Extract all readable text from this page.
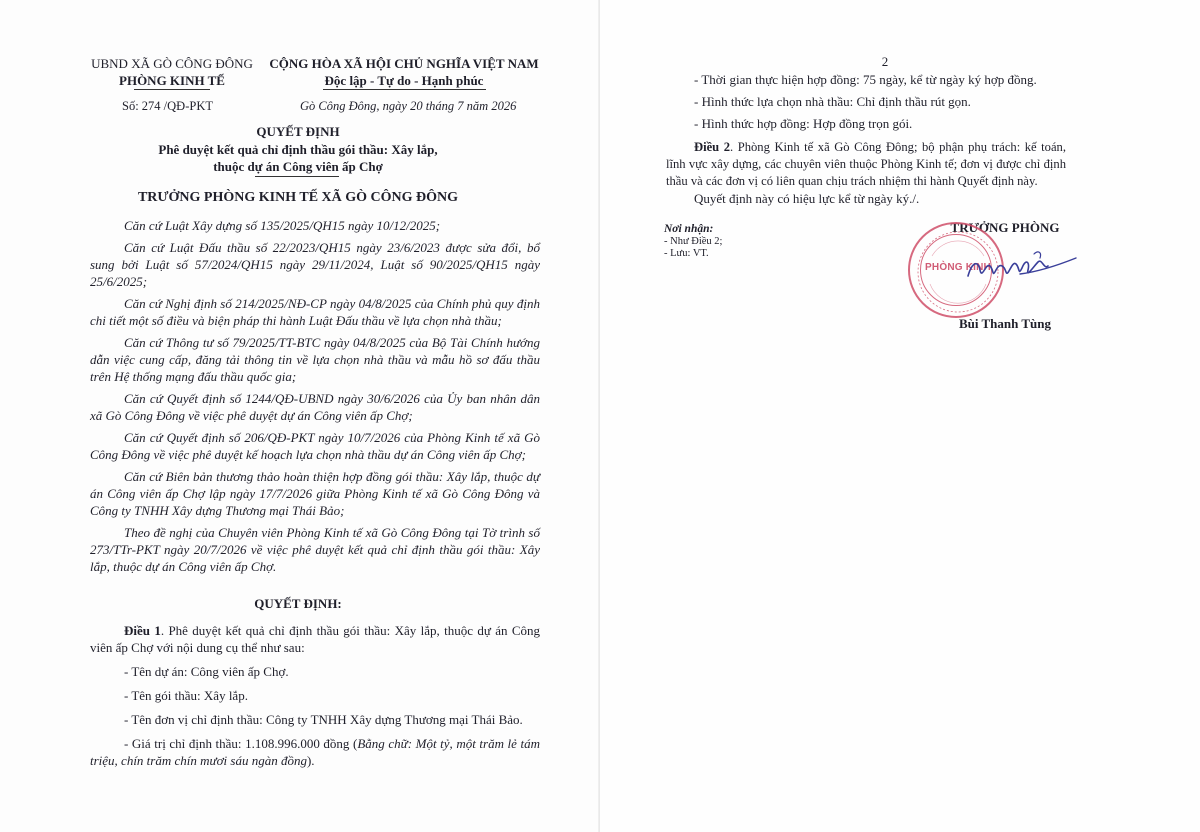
UBND XÃ GÒ CÔNG ĐÔNG
PHÒNG KINH TẾ
CỘNG HÒA XÃ HỘI CHỦ NGHĨA VIỆT NAM
Độc lập - Tự do - Hạnh phúc
Số: 274 /QĐ-PKT	Gò Công Đông, ngày 20 tháng 7 năm 2026
QUYẾT ĐỊNH
Phê duyệt kết quả chỉ định thầu gói thầu: Xây lắp,
thuộc dự án Công viên ấp Chợ
TRƯỞNG PHÒNG KINH TẾ XÃ GÒ CÔNG ĐÔNG
Căn cứ Luật Xây dựng số 135/2025/QH15 ngày 10/12/2025;
Căn cứ Luật Đấu thầu số 22/2023/QH15 ngày 23/6/2023 được sửa đổi, bổ sung bởi Luật số 57/2024/QH15 ngày 29/11/2024, Luật số 90/2025/QH15 ngày 25/6/2025;
Căn cứ Nghị định số 214/2025/NĐ-CP ngày 04/8/2025 của Chính phủ quy định chi tiết một số điều và biện pháp thi hành Luật Đấu thầu về lựa chọn nhà thầu;
Căn cứ Thông tư số 79/2025/TT-BTC ngày 04/8/2025 của Bộ Tài Chính hướng dẫn việc cung cấp, đăng tải thông tin về lựa chọn nhà thầu và mẫu hồ sơ đấu thầu trên Hệ thống mạng đấu thầu quốc gia;
Căn cứ Quyết định số 1244/QĐ-UBND ngày 30/6/2026 của Ủy ban nhân dân xã Gò Công Đông về việc phê duyệt dự án Công viên ấp Chợ;
Căn cứ Quyết định số 206/QĐ-PKT ngày 10/7/2026 của Phòng Kinh tế xã Gò Công Đông về việc phê duyệt kế hoạch lựa chọn nhà thầu dự án Công viên ấp Chợ;
Căn cứ Biên bản thương thảo hoàn thiện hợp đồng gói thầu: Xây lắp, thuộc dự án Công viên ấp Chợ lập ngày 17/7/2026 giữa Phòng Kinh tế xã Gò Công Đông và Công ty TNHH Xây dựng Thương mại Thái Bảo;
Theo đề nghị của Chuyên viên Phòng Kinh tế xã Gò Công Đông tại Tờ trình số 273/TTr-PKT ngày 20/7/2026 về việc phê duyệt kết quả chỉ định thầu gói thầu: Xây lắp, thuộc dự án Công viên ấp Chợ.
QUYẾT ĐỊNH:
Điều 1. Phê duyệt kết quả chỉ định thầu gói thầu: Xây lắp, thuộc dự án Công viên ấp Chợ với nội dung cụ thể như sau:
- Tên dự án: Công viên ấp Chợ.
- Tên gói thầu: Xây lắp.
- Tên đơn vị chỉ định thầu: Công ty TNHH Xây dựng Thương mại Thái Bảo.
- Giá trị chỉ định thầu: 1.108.996.000 đồng (Bằng chữ: Một tỷ, một trăm lẻ tám triệu, chín trăm chín mươi sáu ngàn đồng).
2
- Thời gian thực hiện hợp đồng: 75 ngày, kể từ ngày ký hợp đồng.
- Hình thức lựa chọn nhà thầu: Chỉ định thầu rút gọn.
- Hình thức hợp đồng: Hợp đồng trọn gói.
Điều 2. Phòng Kinh tế xã Gò Công Đông; bộ phận phụ trách: kế toán, lĩnh vực xây dựng, các chuyên viên thuộc Phòng Kinh tế; đơn vị được chỉ định thầu và các đơn vị có liên quan chịu trách nhiệm thi hành Quyết định này.
Quyết định này có hiệu lực kể từ ngày ký./.
Nơi nhận:
- Như Điều 2;
- Lưu: VT.
TRƯỞNG PHÒNG
Bùi Thanh Tùng
PHÒNG KINH
